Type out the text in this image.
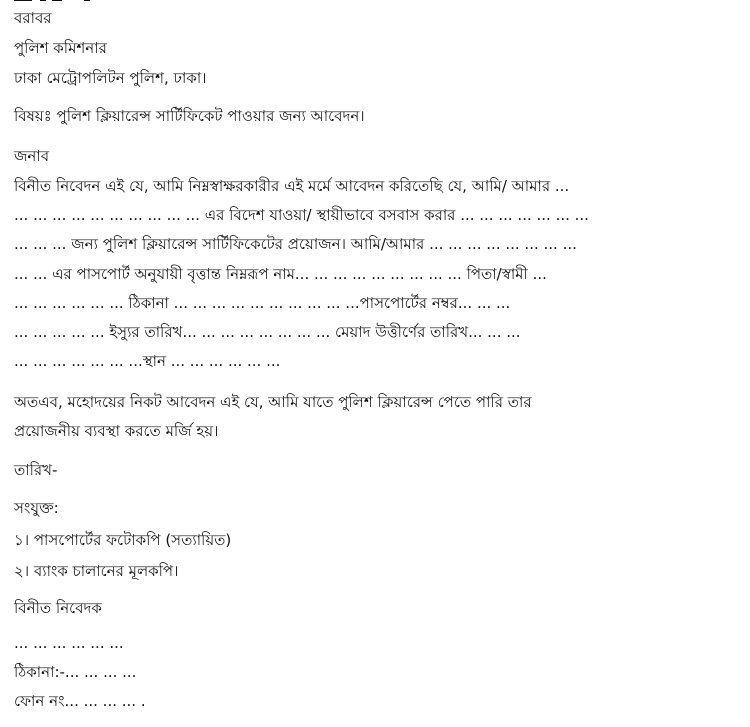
বরাবর

পুলিশ কমিশনার

ঢাকা মেট্রোপলিটন পুলিশ, ঢাকা।

বিষয়ঃ পুলিশ ক্লিয়ারেন্স সার্টিফিকেট পাওয়ার জন্য আবেদন।

জনাব

বিনীত নিবেদন এই যে, আমি নিম্নস্বাক্ষরকারীর এই মর্মে আবেদন করিতেছি যে, আমি/ আমার ...

... ... ... ... ... ... ... ... ... ... এর বিদেশ যাওয়া/ স্থায়ীভাবে বসবাস করার ... ... ... ... ... ... ...

... ... ... জন্য পুলিশ ক্লিয়ারেন্স সার্টিফিকেটের প্রয়োজন। আমি/আমার ... ... ... ... ... ... ... ...

... ... এর পাসপোর্ট অনুযায়ী বৃত্তান্ত নিম্নরূপ নাম... ... ... ... ... ... ... ... ... পিতা/স্বামী ...

... ... ... ... ... ... ঠিকানা ... ... ... ... ... ... ... ... ... ...পাসপোর্টের নম্বর... ... ...

... ... ... ... ... ইস্যুর তারিখ... ... ... ... ... ... ... ... মেয়াদ উত্তীর্ণের তারিখ... ... ...

... ... ... ... ... ... ...স্থান ... ... ... ... ... ...

অতএব, মহোদয়ের নিকট আবেদন এই যে, আমি যাতে পুলিশ ক্লিয়ারেন্স পেতে পারি তার

প্রয়োজনীয় ব্যবস্থা করতে মর্জি হয়।

তারিখ-

সংযুক্ত:

১। পাসপোর্টের ফটোকপি (সত্যায়িত)

২। ব্যাংক চালানের মূলকপি।

বিনীত নিবেদক

... ... ... ... ... ...

ঠিকানা:-... ... ... ...

ফোন নং... ... ... ... .
